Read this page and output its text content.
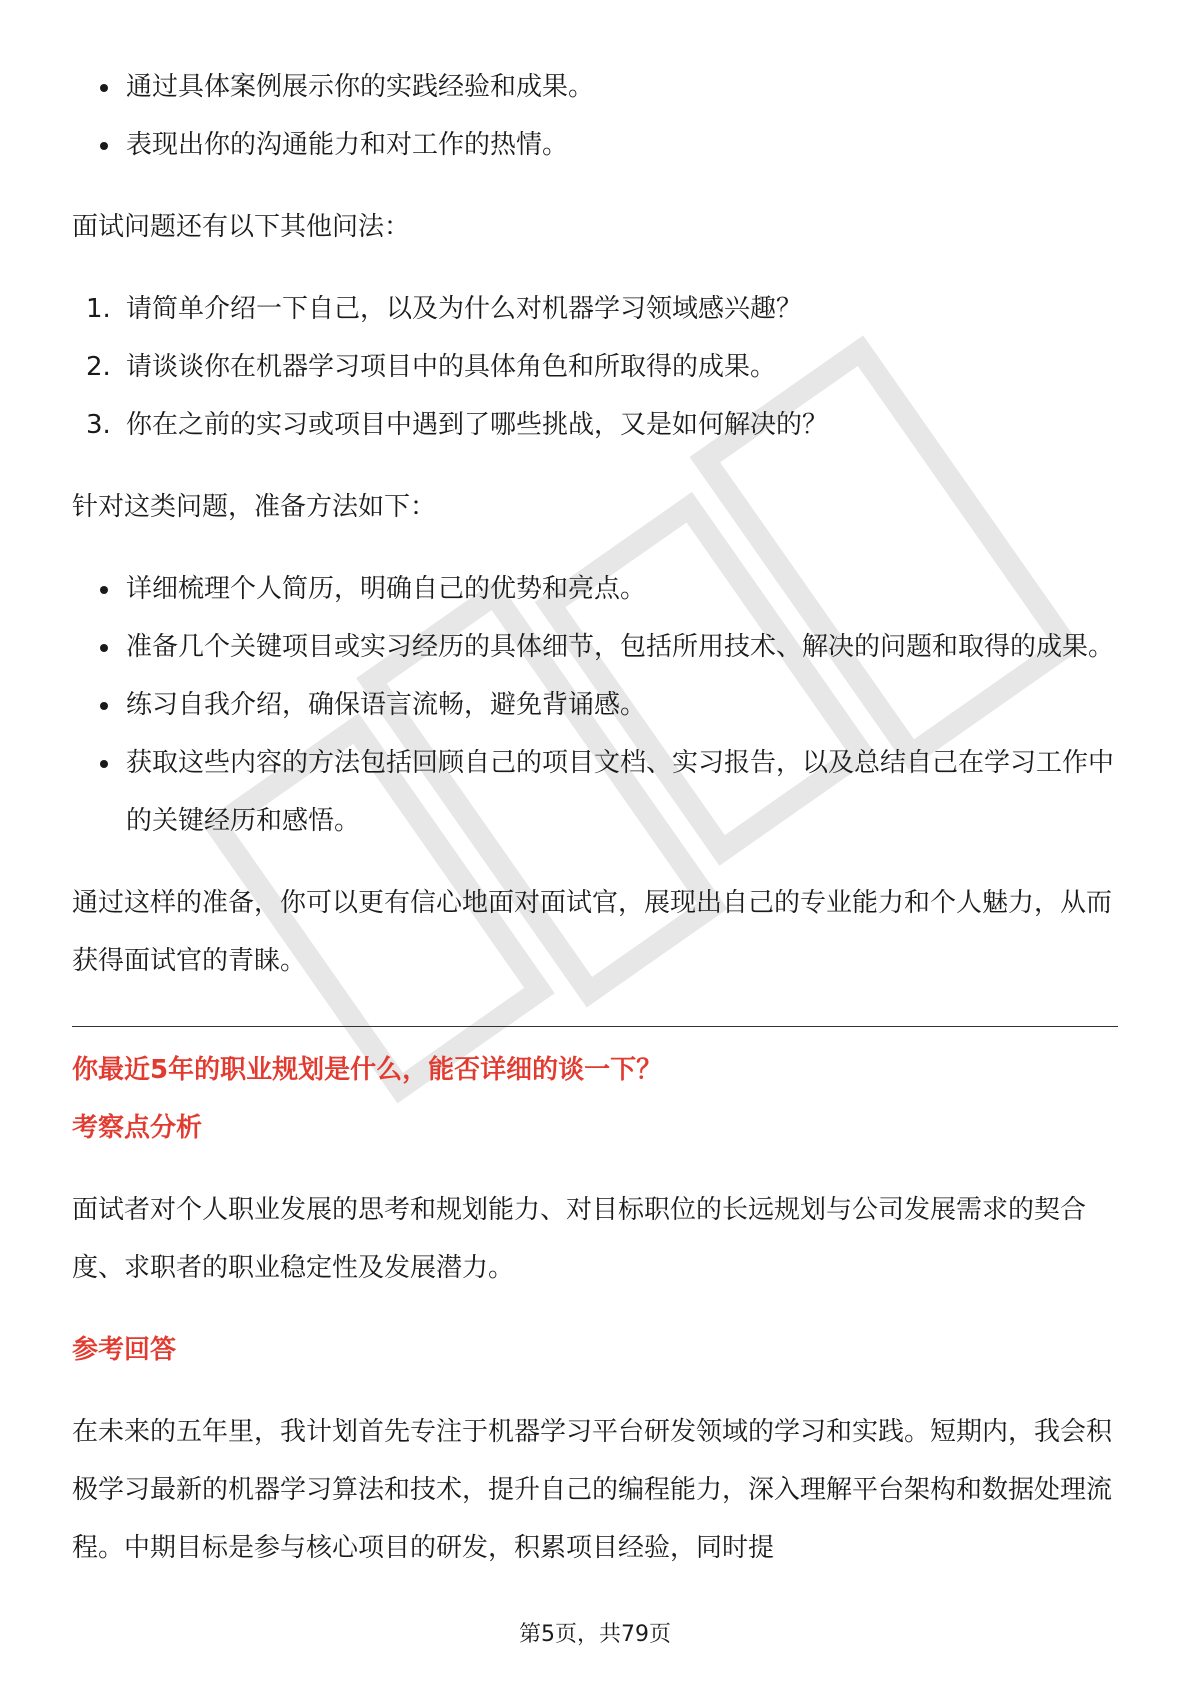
通过具体案例展示你的实践经验和成果。
表现出你的沟通能力和对工作的热情。

面试问题还有以下其他问法：

1. 请简单介绍一下自己，以及为什么对机器学习领域感兴趣？
2. 请谈谈你在机器学习项目中的具体角色和所取得的成果。
3. 你在之前的实习或项目中遇到了哪些挑战，又是如何解决的？

针对这类问题，准备方法如下：

详细梳理个人简历，明确自己的优势和亮点。
准备几个关键项目或实习经历的具体细节，包括所用技术、解决的问题和取得的成果。
练习自我介绍，确保语言流畅，避免背诵感。
获取这些内容的方法包括回顾自己的项目文档、实习报告，以及总结自己在学习工作中的关键经历和感悟。

通过这样的准备，你可以更有信心地面对面试官，展现出自己的专业能力和个人魅力，从而获得面试官的青睐。

你最近5年的职业规划是什么，能否详细的谈一下？

考察点分析

面试者对个人职业发展的思考和规划能力、对目标职位的长远规划与公司发展需求的契合度、求职者的职业稳定性及发展潜力。

参考回答

在未来的五年里，我计划首先专注于机器学习平台研发领域的学习和实践。短期内，我会积极学习最新的机器学习算法和技术，提升自己的编程能力，深入理解平台架构和数据处理流程。中期目标是参与核心项目的研发，积累项目经验，同时提

第5页，共79页
